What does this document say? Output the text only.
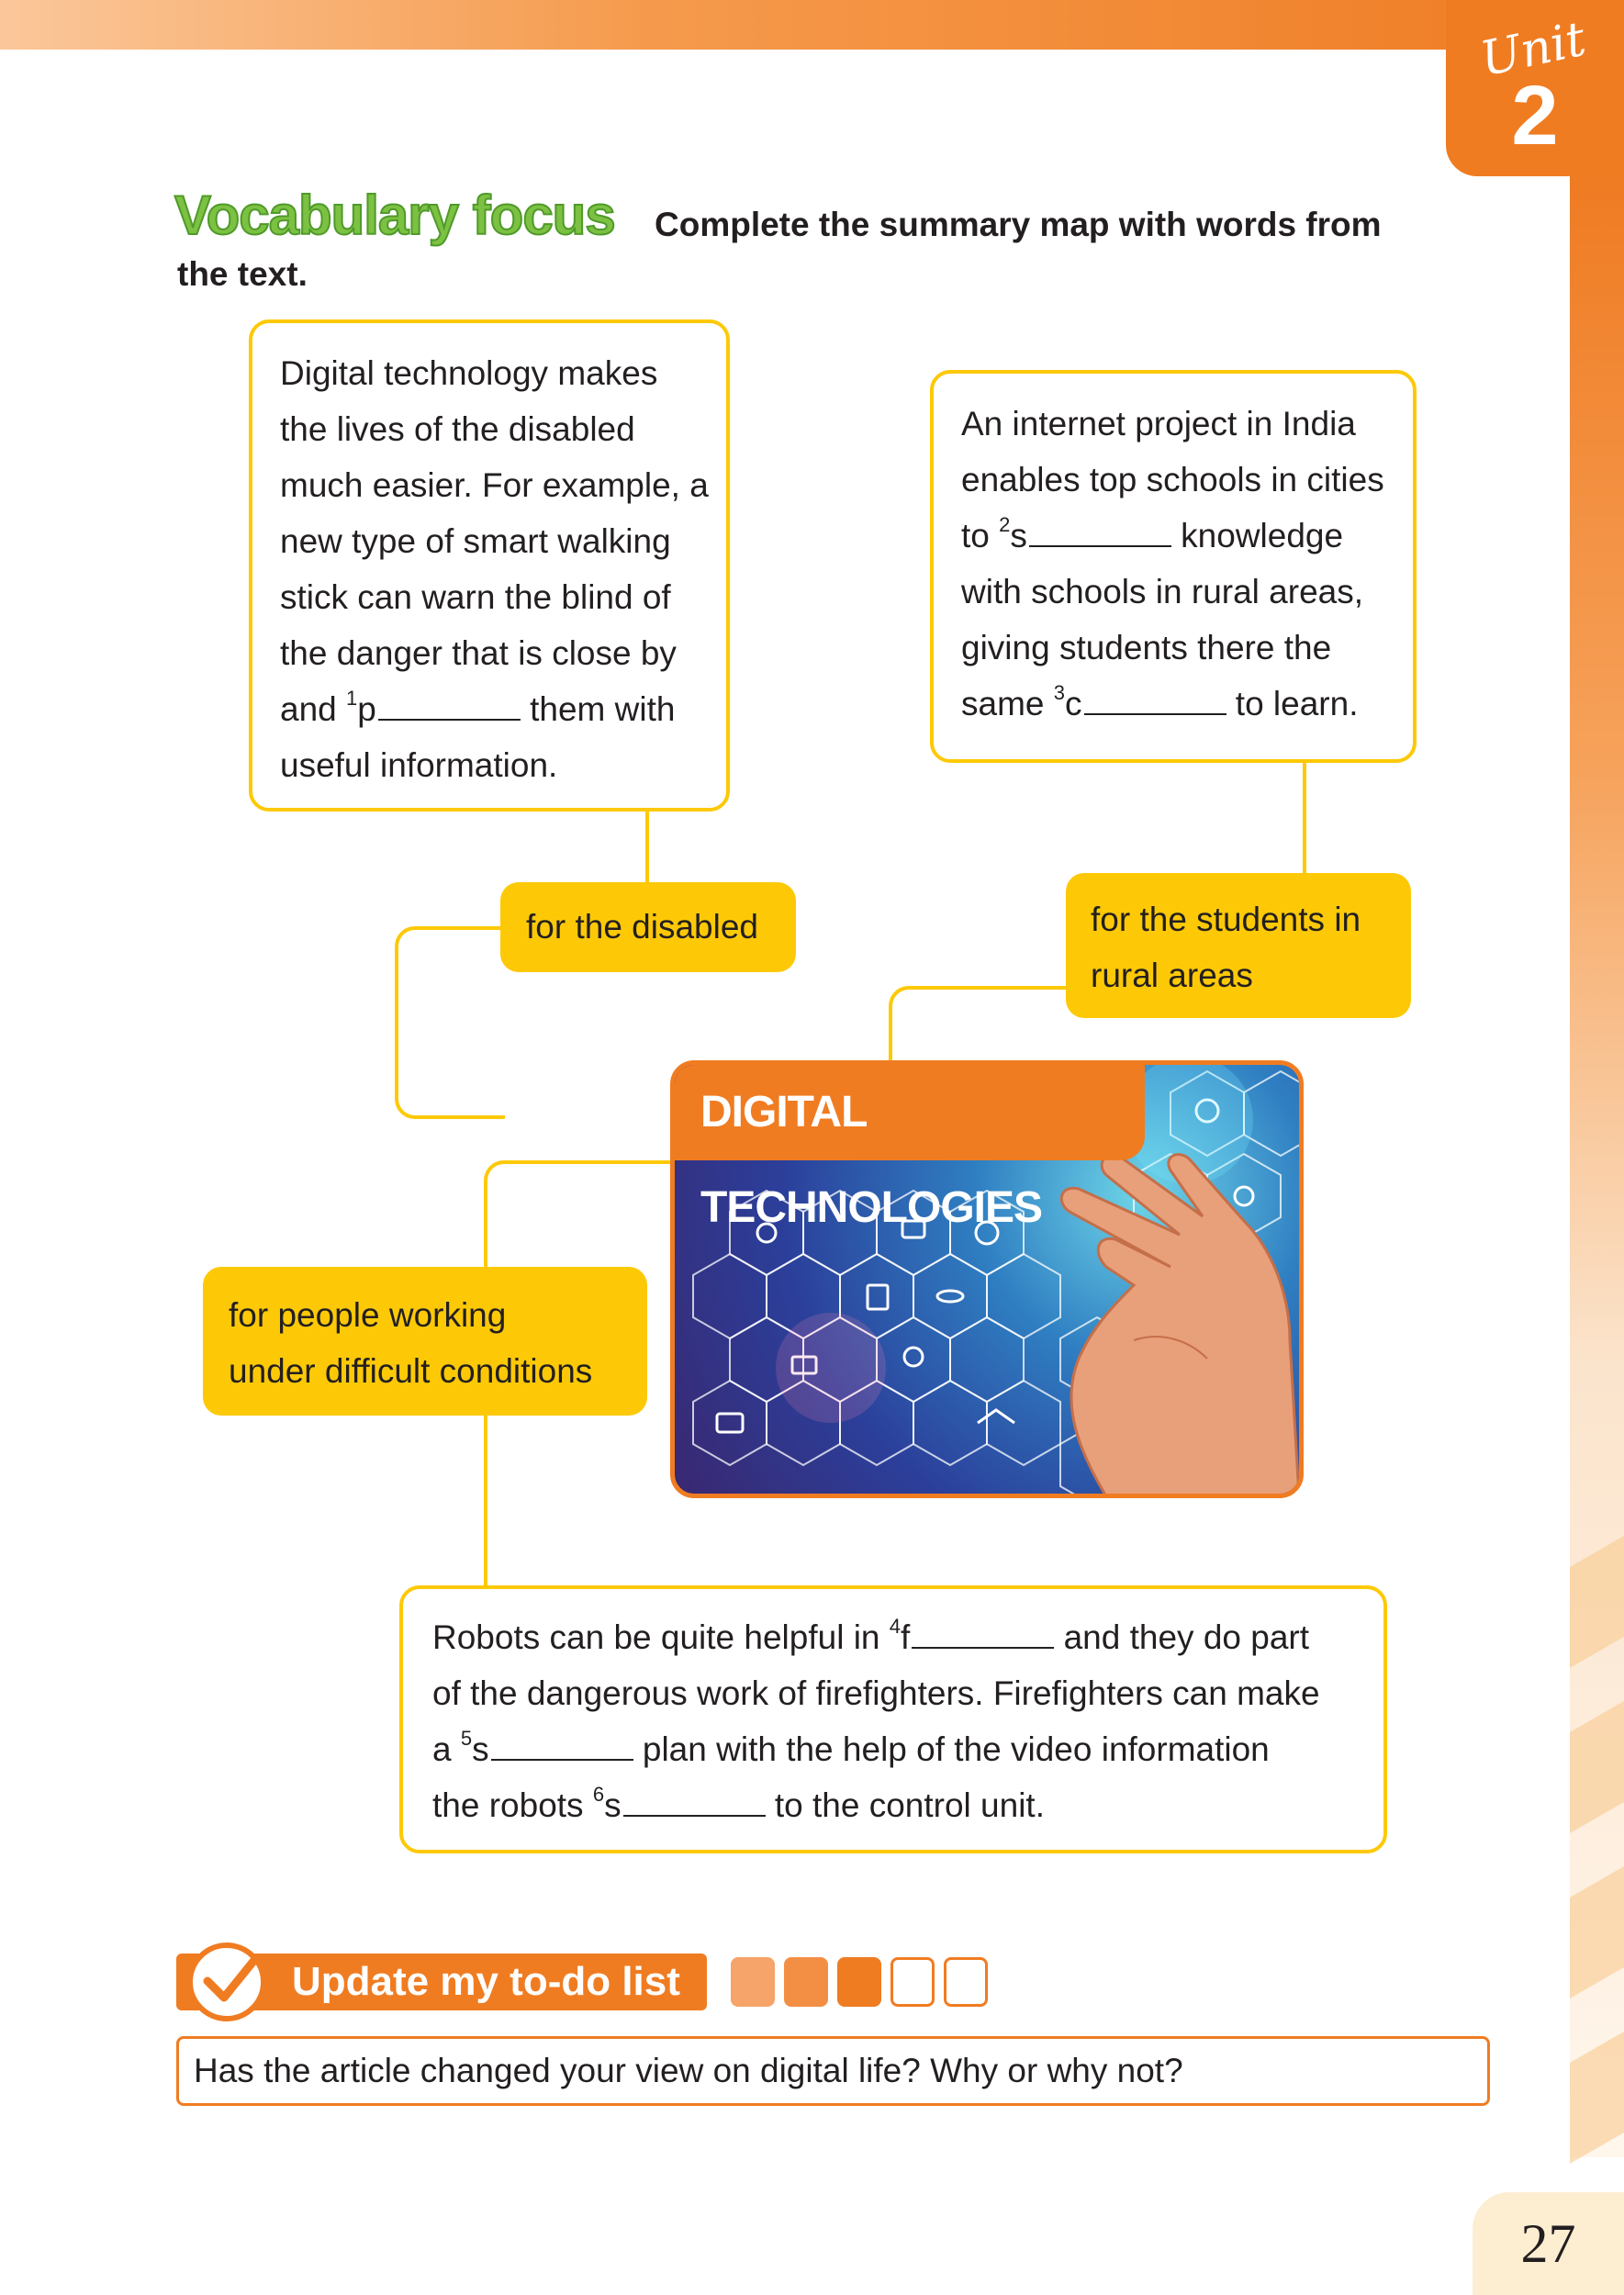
Unit
2
Vocabulary focus	Complete the summary map with words from
the text.
Digital technology makes
the lives of the disabled
much easier. For example, a
new type of smart walking
stick can warn the blind of
the danger that is close by
and $^1$p	them with
useful information.
An internet project in India
enables top schools in cities
to $^2$s	knowledge
with schools in rural areas,
giving students there the
same $^3$c	to learn.
for the disabled	for the students in
rural areas
for people working
under difficult conditions
DIGITAL TECHNOLOGIES
Robots can be quite helpful in $^4$f	and they do part
of the dangerous work of firefighters. Firefighters can make
a $^5$s	plan with the help of the video information
the robots $^6$s	to the control unit.
Update my to-do list
Has the article changed your view on digital life? Why or why not?
27
